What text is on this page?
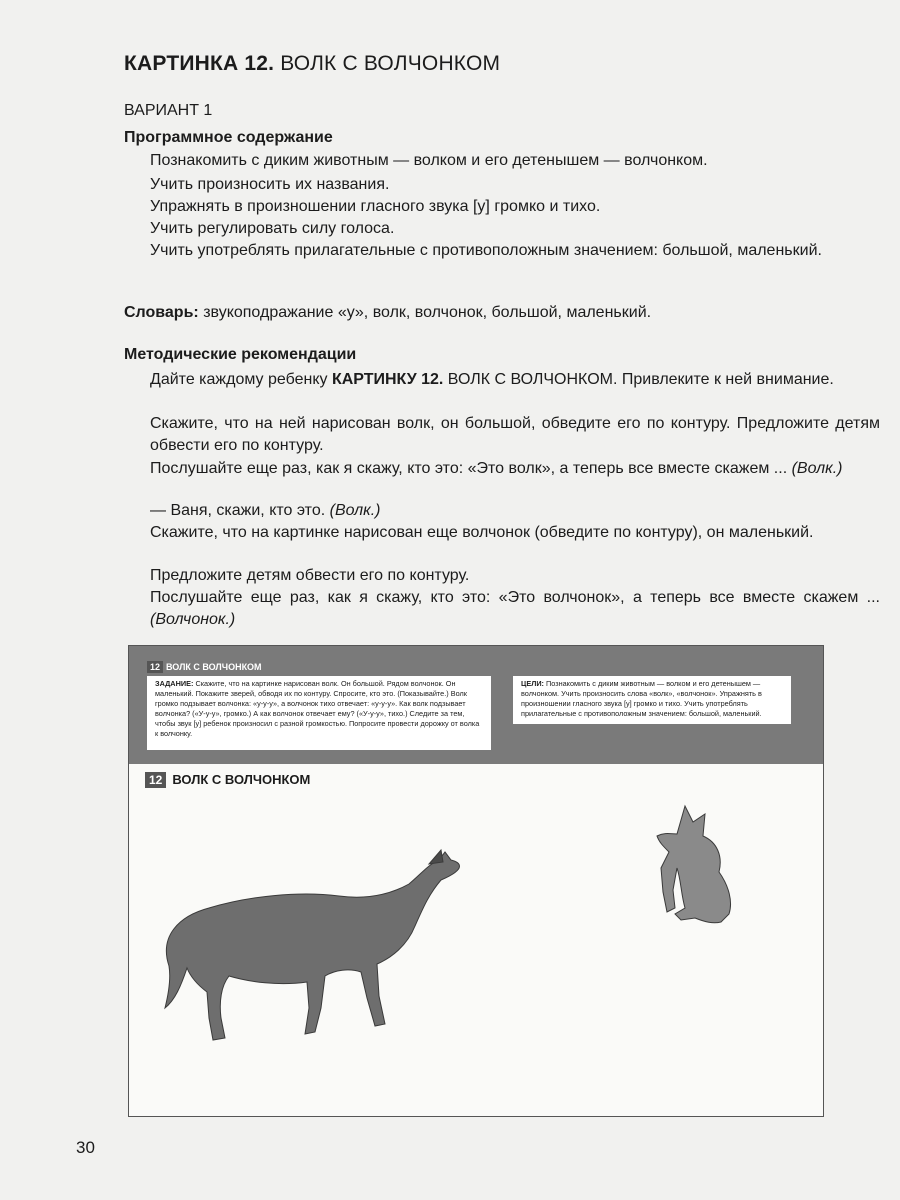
КАРТИНКА 12. ВОЛК С ВОЛЧОНКОМ
ВАРИАНТ 1
Программное содержание
Познакомить с диким животным — волком и его детенышем — волчонком.
Учить произносить их названия.
Упражнять в произношении гласного звука [у] громко и тихо.
Учить регулировать силу голоса.
Учить употреблять прилагательные с противоположным значением: большой, маленький.
Словарь: звукоподражание «у», волк, волчонок, большой, маленький.
Методические рекомендации
Дайте каждому ребенку КАРТИНКУ 12. ВОЛК С ВОЛЧОНКОМ. Привлеките к ней внимание.
Скажите, что на ней нарисован волк, он большой, обведите его по контуру. Предложите детям обвести его по контуру.
Послушайте еще раз, как я скажу, кто это: «Это волк», а теперь все вместе скажем ... (Волк.)
— Ваня, скажи, кто это. (Волк.)
Скажите, что на картинке нарисован еще волчонок (обведите по контуру), он маленький.
Предложите детям обвести его по контуру.
Послушайте еще раз, как я скажу, кто это: «Это волчонок», а теперь все вместе скажем ... (Волчонок.)
12 ВОЛК С ВОЛЧОНКОМ
ЗАДАНИЕ: Скажите, что на картинке нарисован волк. Он большой. Рядом волчонок. Он маленький. Покажите зверей, обводя их по контуру. Спросите, кто это. (Показывайте.) Волк громко подзывает волчонка: «у-у-у», а волчонок тихо отвечает: «у-у-у». Как волк подзывает волчонка? («У-у-у», громко.) А как волчонок отвечает ему? («У-у-у», тихо.) Следите за тем, чтобы звук [у] ребенок произносил с разной громкостью. Попросите провести дорожку от волка к волчонку.
ЦЕЛИ: Познакомить с диким животным — волком и его детенышем — волчонком. Учить произносить слова «волк», «волчонок». Упражнять в произношении гласного звука [у] громко и тихо. Учить употреблять прилагательные с противоположным значением: большой, маленький.
12 ВОЛК С ВОЛЧОНКОМ
30
